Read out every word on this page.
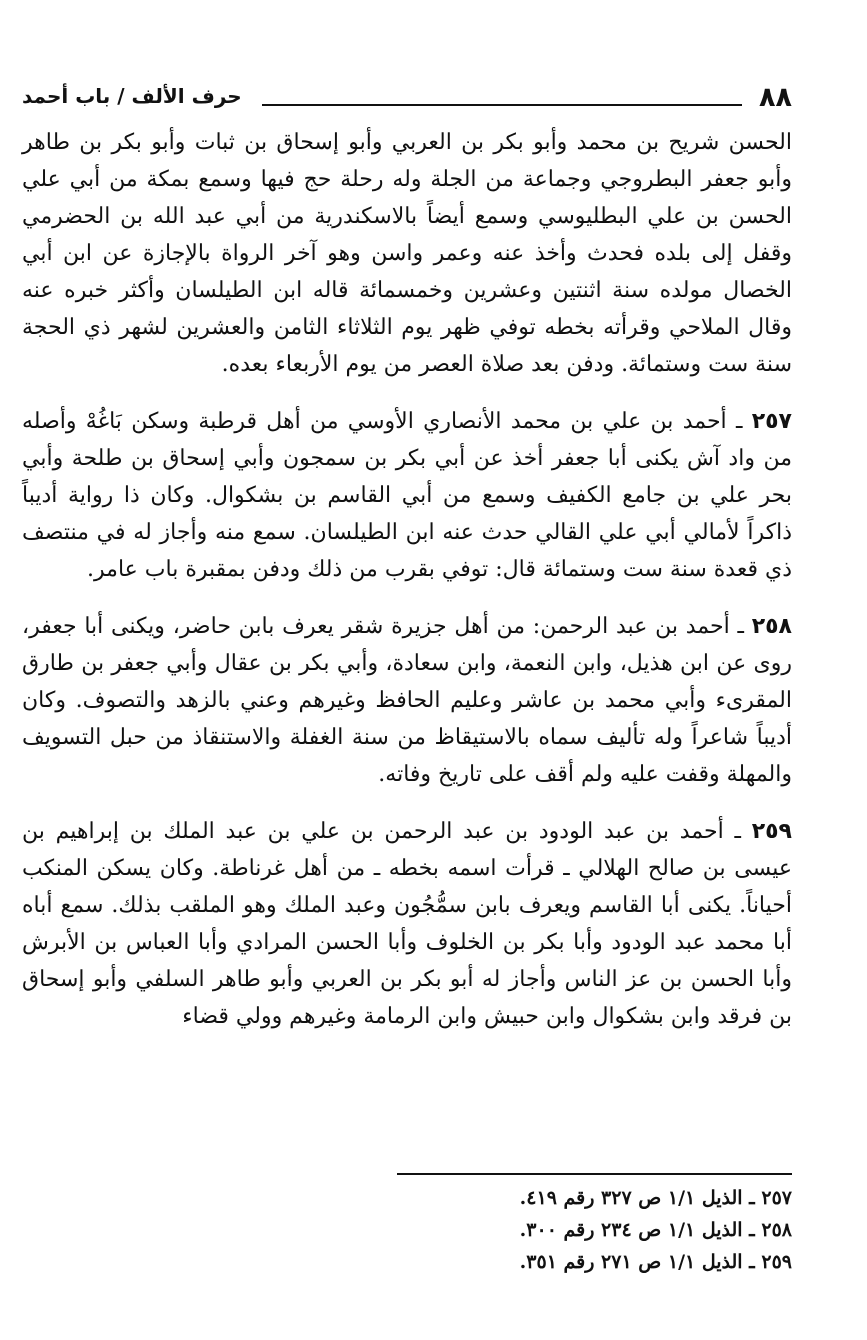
٨٨
حرف الألف / باب أحمد

الحسن شريح بن محمد وأبو بكر بن العربي وأبو إسحاق بن ثبات وأبو بكر بن طاهر وأبو جعفر البطروجي وجماعة من الجلة وله رحلة حج فيها وسمع بمكة من أبي علي الحسن بن علي البطليوسي وسمع أيضاً بالاسكندرية من أبي عبد الله بن الحضرمي وقفل إلى بلده فحدث وأخذ عنه وعمر واسن وهو آخر الرواة بالإجازة عن ابن أبي الخصال مولده سنة اثنتين وعشرين وخمسمائة قاله ابن الطيلسان وأكثر خبره عنه وقال الملاحي وقرأته بخطه توفي ظهر يوم الثلاثاء الثامن والعشرين لشهر ذي الحجة سنة ست وستمائة. ودفن بعد صلاة العصر من يوم الأربعاء بعده.

٢٥٧ ـ أحمد بن علي بن محمد الأنصاري الأوسي من أهل قرطبة وسكن بَاغُهْ وأصله من واد آش يكنى أبا جعفر أخذ عن أبي بكر بن سمجون وأبي إسحاق بن طلحة وأبي بحر علي بن جامع الكفيف وسمع من أبي القاسم بن بشكوال. وكان ذا رواية أديباً ذاكراً لأمالي أبي علي القالي حدث عنه ابن الطيلسان. سمع منه وأجاز له في منتصف ذي قعدة سنة ست وستمائة قال: توفي بقرب من ذلك ودفن بمقبرة باب عامر.

٢٥٨ ـ أحمد بن عبد الرحمن: من أهل جزيرة شقر يعرف بابن حاضر، ويكنى أبا جعفر، روى عن ابن هذيل، وابن النعمة، وابن سعادة، وأبي بكر بن عقال وأبي جعفر بن طارق المقرىء وأبي محمد بن عاشر وعليم الحافظ وغيرهم وعني بالزهد والتصوف. وكان أديباً شاعراً وله تأليف سماه بالاستيقاظ من سنة الغفلة والاستنقاذ من حبل التسويف والمهلة وقفت عليه ولم أقف على تاريخ وفاته.

٢٥٩ ـ أحمد بن عبد الودود بن عبد الرحمن بن علي بن عبد الملك بن إبراهيم بن عيسى بن صالح الهلالي ـ قرأت اسمه بخطه ـ من أهل غرناطة. وكان يسكن المنكب أحياناً. يكنى أبا القاسم ويعرف بابن سمُّجُون وعبد الملك وهو الملقب بذلك. سمع أباه أبا محمد عبد الودود وأبا بكر بن الخلوف وأبا الحسن المرادي وأبا العباس بن الأبرش وأبا الحسن بن عز الناس وأجاز له أبو بكر بن العربي وأبو طاهر السلفي وأبو إسحاق بن فرقد وابن بشكوال وابن حبيش وابن الرمامة وغيرهم وولي قضاء

٢٥٧ ـ الذيل ١/١ ص ٣٢٧ رقم ٤١٩.
٢٥٨ ـ الذيل ١/١ ص ٢٣٤ رقم ٣٠٠.
٢٥٩ ـ الذيل ١/١ ص ٢٧١ رقم ٣٥١.
